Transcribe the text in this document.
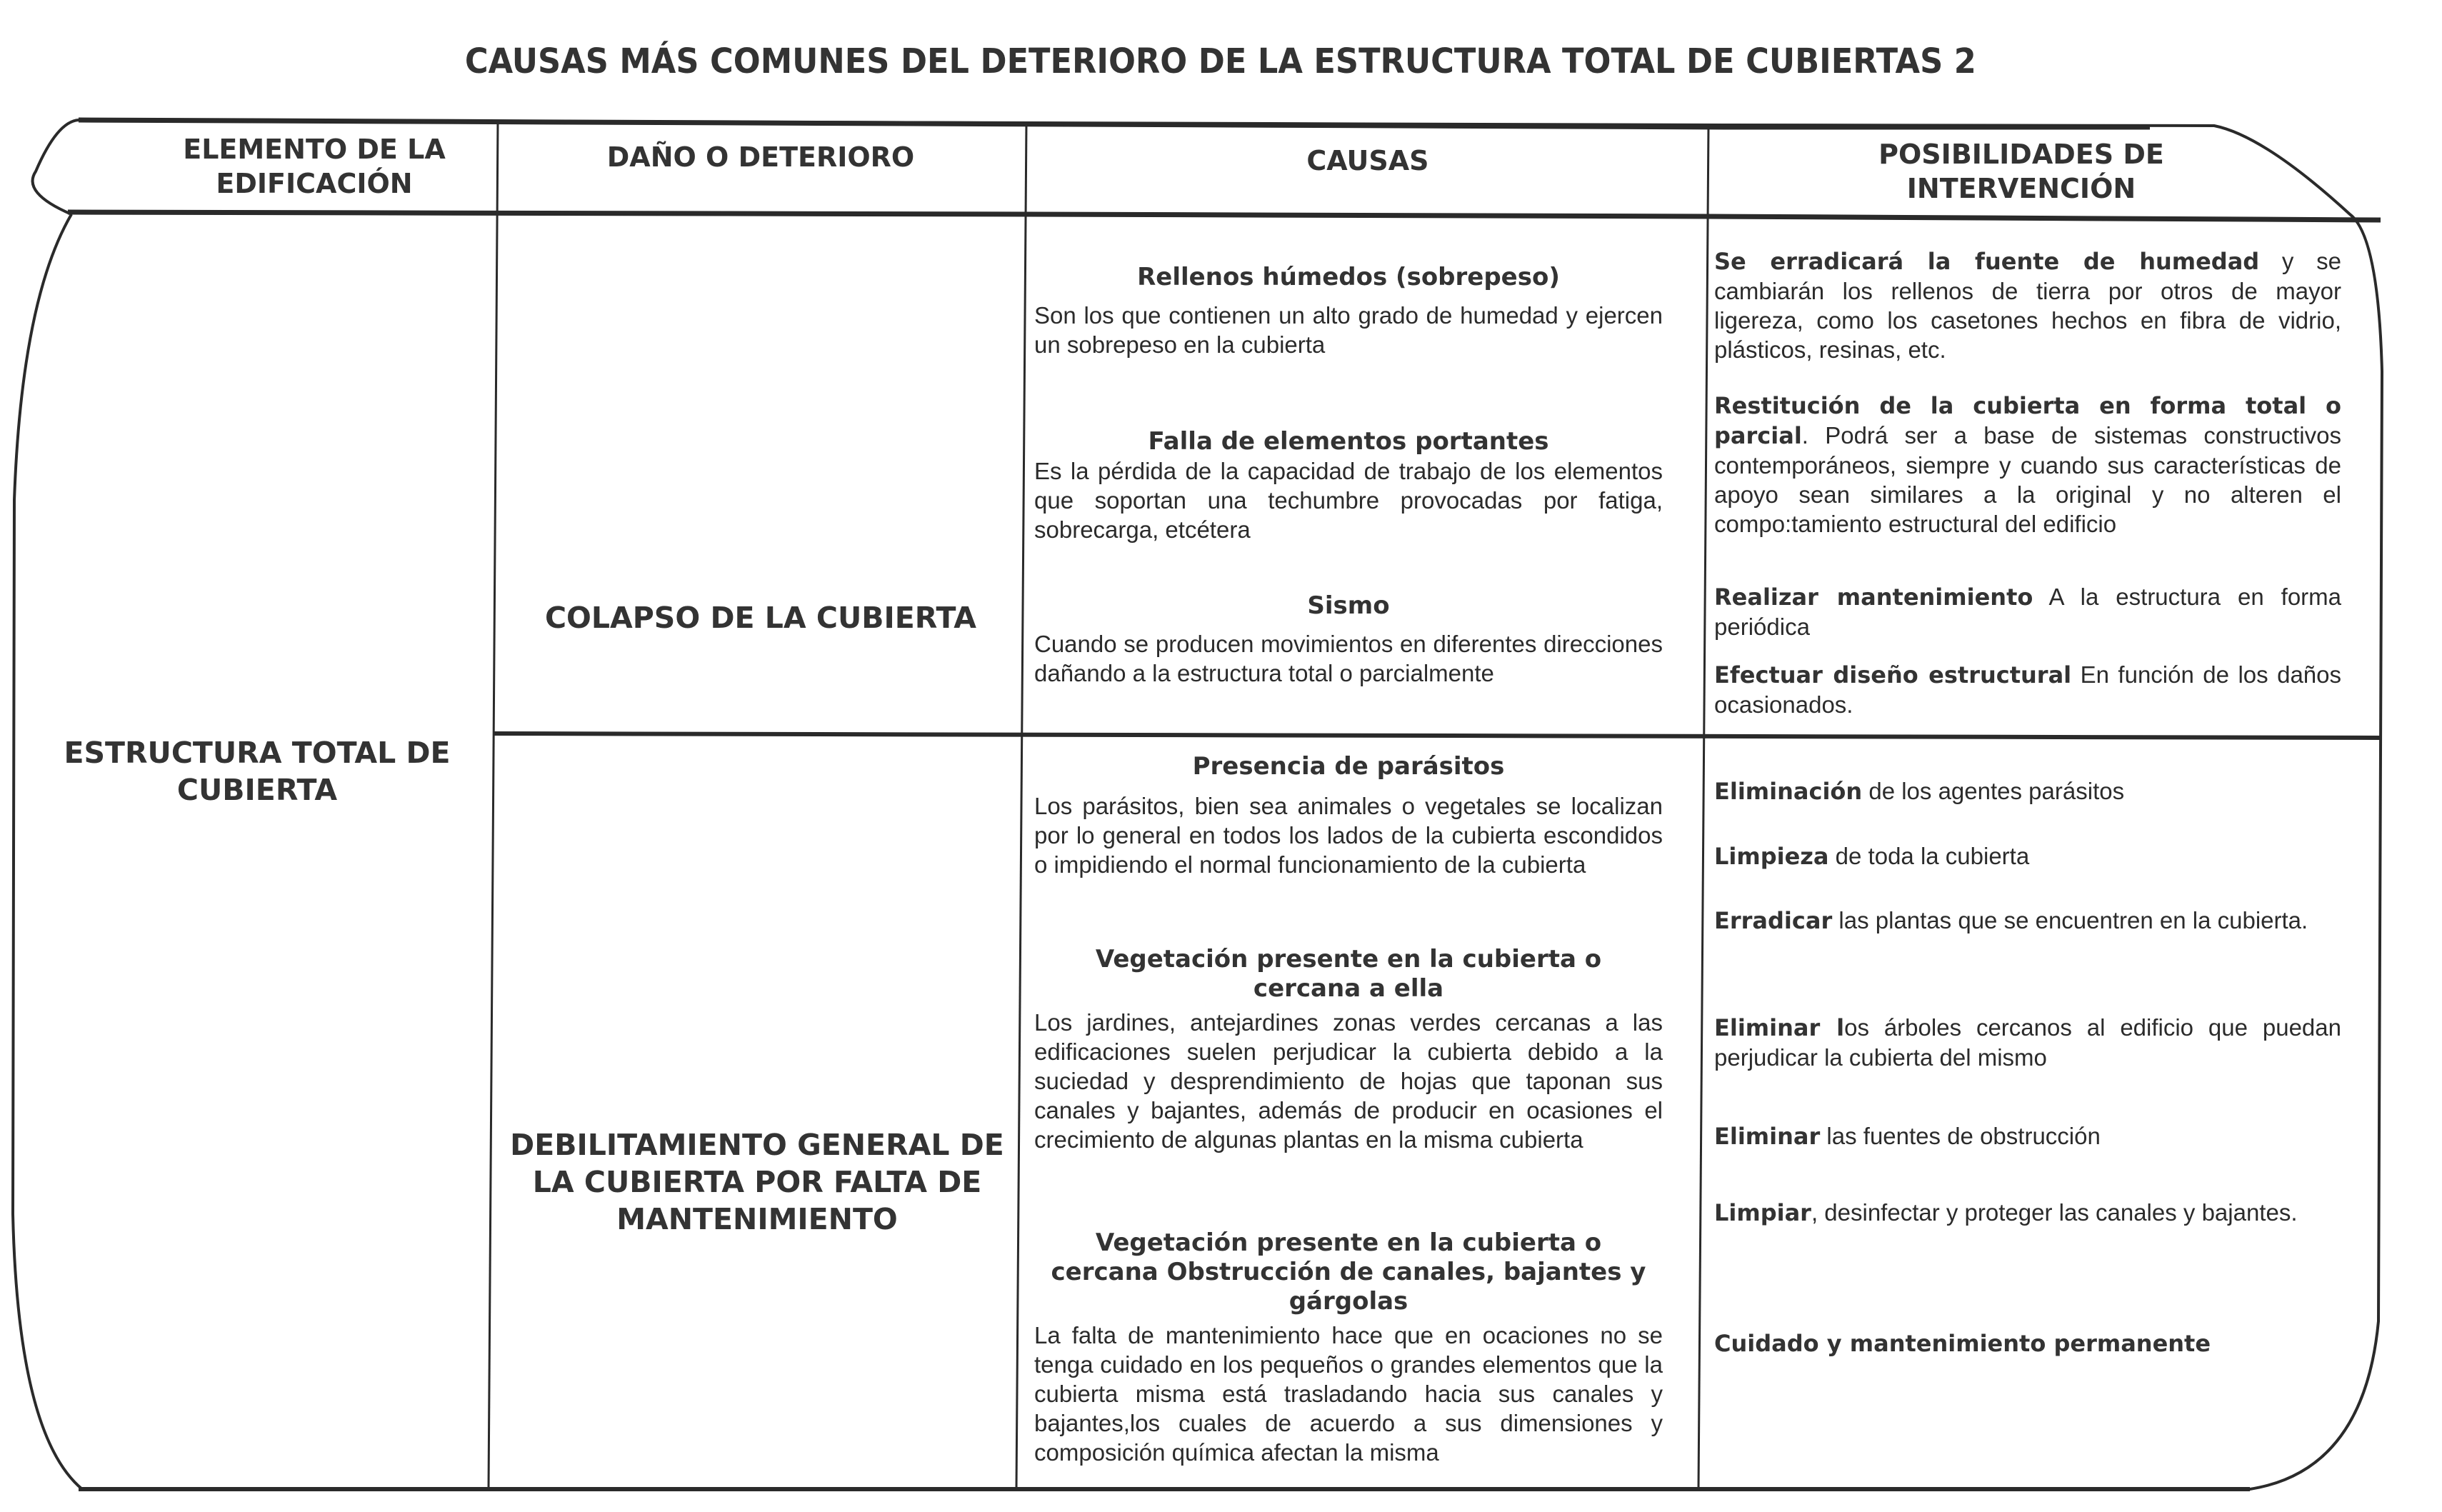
CAUSAS MÁS COMUNES DEL DETERIORO DE LA ESTRUCTURA TOTAL DE CUBIERTAS 2
ELEMENTO DE LA EDIFICACIÓN
DAÑO O DETERIORO	CAUSAS	POSIBILIDADES DE INTERVENCIÓN
ESTRUCTURA TOTAL DE CUBIERTA
COLAPSO DE LA CUBIERTA
DEBILITAMIENTO GENERAL DE LA CUBIERTA POR FALTA DE MANTENIMIENTO
Rellenos húmedos (sobrepeso)
Son los que contienen un alto grado de humedad y ejercen un sobrepeso en la cubierta
Falla de elementos portantes
Es la pérdida de la capacidad de trabajo de los elementos que soportan una techumbre provocadas por fatiga, sobrecarga, etcétera
Sismo
Cuando se producen movimientos en diferentes direcciones dañando a la estructura total o parcialmente
Presencia de parásitos
Los parásitos, bien sea animales o vegetales se localizan por lo general en todos los lados de la cubierta escondidos o impidiendo el normal funcionamiento de la cubierta
Vegetación presente en la cubierta o cercana a ella
Los jardines, antejardines zonas verdes cercanas a las edificaciones suelen perjudicar la cubierta debido a la suciedad y desprendimiento de hojas que taponan sus canales y bajantes, además de producir en ocasiones el crecimiento de algunas plantas en la misma cubierta
Vegetación presente en la cubierta o cercana Obstrucción de canales, bajantes y gárgolas
La falta de mantenimiento hace que en ocaciones no se tenga cuidado en los pequeños o grandes elementos que la cubierta misma está trasladando hacia sus canales y bajantes,los cuales de acuerdo a sus dimensiones y composición química afectan la misma
Se erradicará la fuente de humedad y se cambiarán los rellenos de tierra por otros de mayor ligereza, como los casetones hechos en fibra de vidrio, plásticos, resinas, etc.
Restitución de la cubierta en forma total o parcial. Podrá ser a base de sistemas constructivos contemporáneos, siempre y cuando sus características de apoyo sean similares a la original y no alteren el compo:tamiento estructural del edificio
Realizar mantenimiento A la estructura en forma periódica
Efectuar diseño estructural En función de los daños ocasionados.
Eliminación de los agentes parásitos
Limpieza de toda la cubierta
Erradicar las plantas que se encuentren en la cubierta.
Eliminar los árboles cercanos al edificio que puedan perjudicar la cubierta del mismo
Eliminar las fuentes de obstrucción
Limpiar, desinfectar y proteger las canales y bajantes.
Cuidado y mantenimiento permanente
